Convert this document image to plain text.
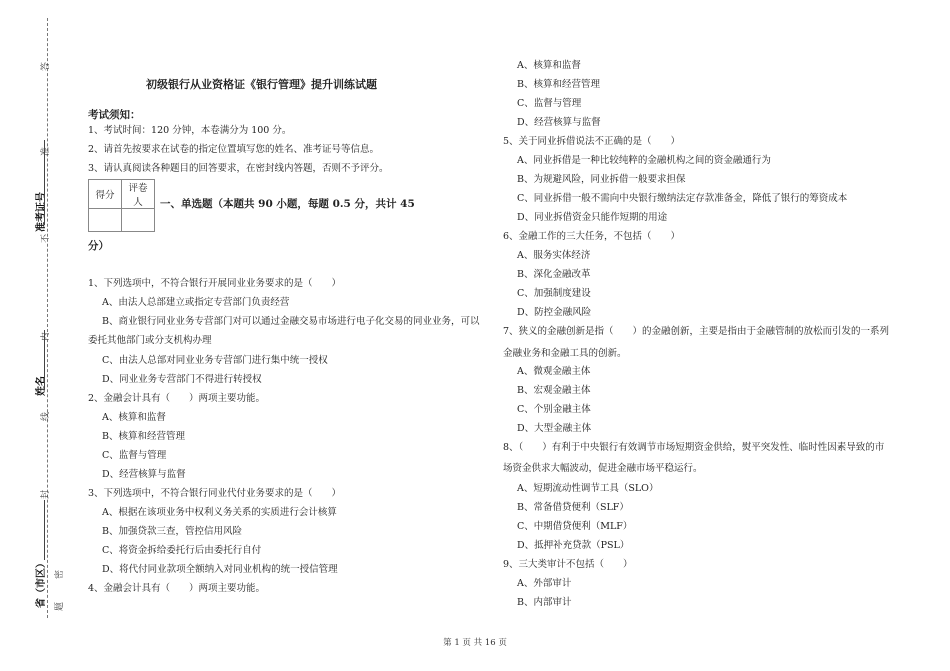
答
准
不
内
线
封
密
题
准考证号
姓名
省（市区）
初级银行从业资格证《银行管理》提升训练试题
考试须知：
1、考试时间：120 分钟，本卷满分为 100 分。
2、请首先按要求在试卷的指定位置填写您的姓名、准考证号等信息。
3、请认真阅读各种题目的回答要求，在密封线内答题，否则不予评分。
得分	评卷人
	一、单选题（本题共 90 小题，每题 0.5 分，共计 45
分）
1、下列选项中，不符合银行开展同业业务要求的是（　　）
A、由法人总部建立或指定专营部门负责经营
B、商业银行同业业务专营部门对可以通过金融交易市场进行电子化交易的同业业务，可以
委托其他部门或分支机构办理
C、由法人总部对同业业务专营部门进行集中统一授权
D、同业业务专营部门不得进行转授权
2、金融会计具有（　　）两项主要功能。
A、核算和监督
B、核算和经营管理
C、监督与管理
D、经营核算与监督
3、下列选项中，不符合银行同业代付业务要求的是（　　）
A、根据在该项业务中权利义务关系的实质进行会计核算
B、加强贷款三查，管控信用风险
C、将资金拆给委托行后由委托行自付
D、将代付同业款项全额纳入对同业机构的统一授信管理
4、金融会计具有（　　）两项主要功能。
A、核算和监督
B、核算和经营管理
C、监督与管理
D、经营核算与监督
5、关于同业拆借说法不正确的是（　　）
A、同业拆借是一种比较纯粹的金融机构之间的资金融通行为
B、为规避风险，同业拆借一般要求担保
C、同业拆借一般不需向中央银行缴纳法定存款准备金，降低了银行的筹资成本
D、同业拆借资金只能作短期的用途
6、金融工作的三大任务，不包括（　　）
A、服务实体经济
B、深化金融改革
C、加强制度建设
D、防控金融风险
7、狭义的金融创新是指（　　）的金融创新，主要是指由于金融管制的放松而引发的一系列
金融业务和金融工具的创新。
A、微观金融主体
B、宏观金融主体
C、个别金融主体
D、大型金融主体
8、（　　）有利于中央银行有效调节市场短期资金供给，熨平突发性、临时性因素导致的市
场资金供求大幅波动，促进金融市场平稳运行。
A、短期流动性调节工具（SLO）
B、常备借贷便利（SLF）
C、中期借贷便利（MLF）
D、抵押补充贷款（PSL）
9、三大类审计不包括（　　）
A、外部审计
B、内部审计
第 1 页 共 16 页
